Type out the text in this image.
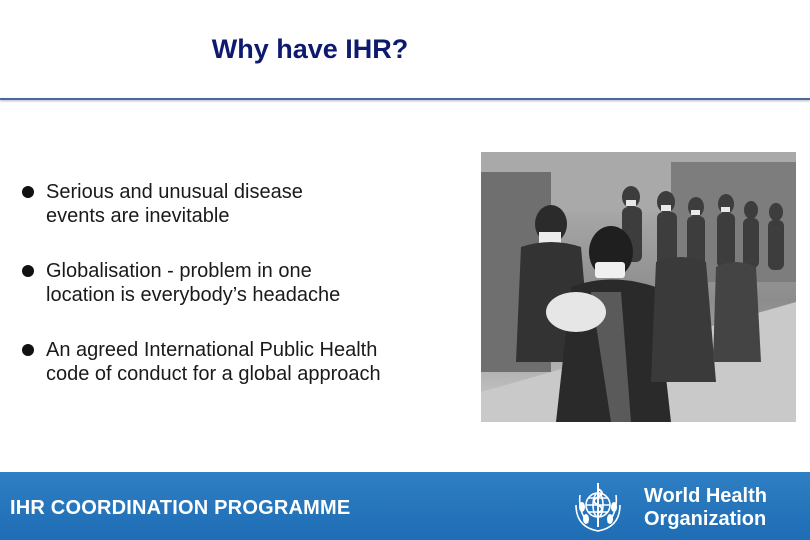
Why have IHR?
Serious and unusual disease
events are inevitable
Globalisation - problem in one
location is everybody’s headache
An agreed International Public Health
code of conduct for a global approach
IHR COORDINATION PROGRAMME
World Health
Organization
